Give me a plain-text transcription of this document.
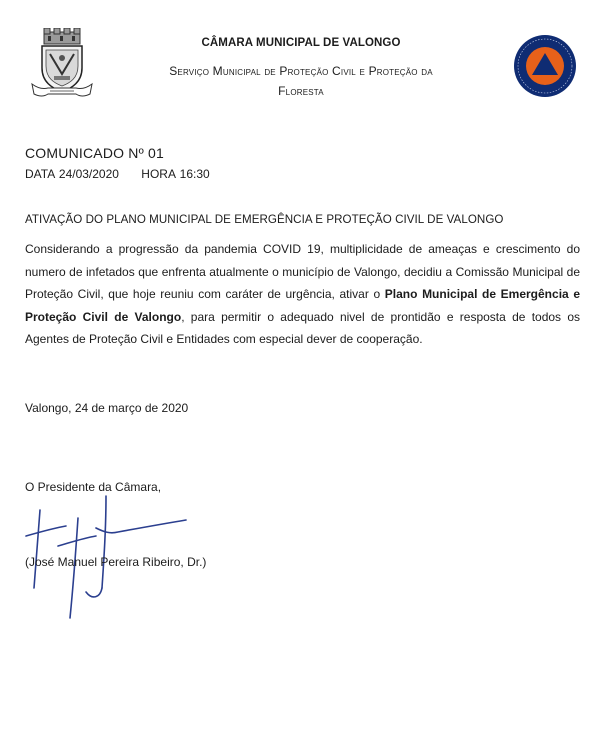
CÂMARA MUNICIPAL DE VALONGO
Serviço Municipal de Proteção Civil e Proteção da
Floresta
COMUNICADO Nº 01
DATA 24/03/2020 HORA 16:30
ATIVAÇÃO DO PLANO MUNICIPAL DE EMERGÊNCIA E PROTEÇÃO CIVIL DE VALONGO
Considerando a progressão da pandemia COVID 19, multiplicidade de ameaças e crescimento do numero de infetados que enfrenta atualmente o município de Valongo, decidiu a Comissão Municipal de Proteção Civil, que hoje reuniu com caráter de urgência, ativar o Plano Municipal de Emergência e Proteção Civil de Valongo, para permitir o adequado nivel de prontidão e resposta de todos os Agentes de Proteção Civil e Entidades com especial dever de cooperação.
Valongo, 24 de março de 2020
O Presidente da Câmara,
(José Manuel Pereira Ribeiro, Dr.)
